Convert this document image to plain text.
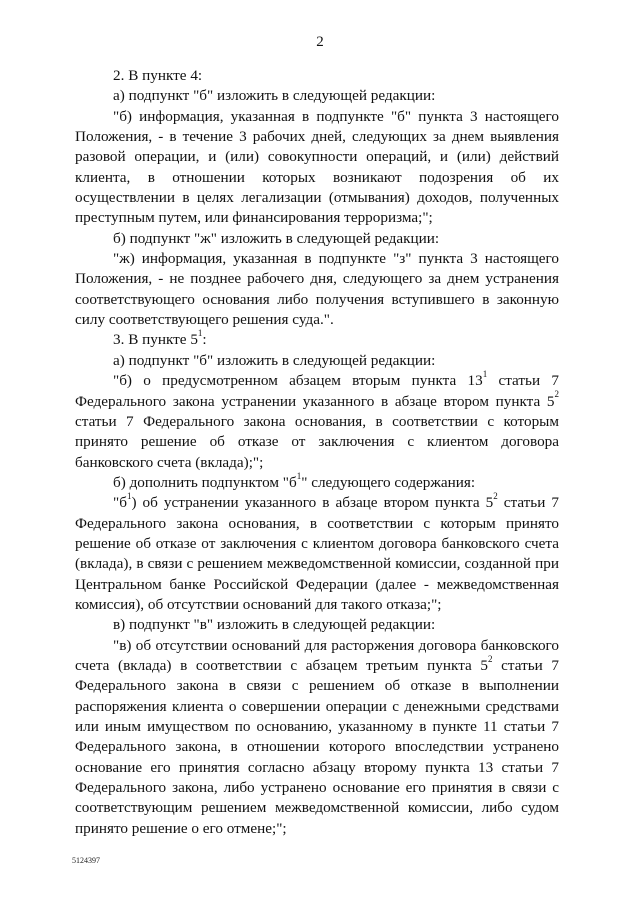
2

2. В пункте 4:

а) подпункт "б" изложить в следующей редакции:

"б) информация, указанная в подпункте "б" пункта 3 настоящего Положения, - в течение 3 рабочих дней, следующих за днем выявления разовой операции, и (или) совокупности операций, и (или) действий клиента, в отношении которых возникают подозрения об их осуществлении в целях легализации (отмывания) доходов, полученных преступным путем, или финансирования терроризма;";

б) подпункт "ж" изложить в следующей редакции:

"ж) информация, указанная в подпункте "з" пункта 3 настоящего Положения, - не позднее рабочего дня, следующего за днем устранения соответствующего основания либо получения вступившего в законную силу соответствующего решения суда.".

3. В пункте $5^1$:

а) подпункт "б" изложить в следующей редакции:

"б) о предусмотренном абзацем вторым пункта $13^1$ статьи 7 Федерального закона устранении указанного в абзаце втором пункта $5^2$ статьи 7 Федерального закона основания, в соответствии с которым принято решение об отказе от заключения с клиентом договора банковского счета (вклада);";

б) дополнить подпунктом "$б^1$" следующего содержания:

"$б^1$) об устранении указанного в абзаце втором пункта $5^2$ статьи 7 Федерального закона основания, в соответствии с которым принято решение об отказе от заключения с клиентом договора банковского счета (вклада), в связи с решением межведомственной комиссии, созданной при Центральном банке Российской Федерации (далее - межведомственная комиссия), об отсутствии оснований для такого отказа;";

в) подпункт "в" изложить в следующей редакции:

"в) об отсутствии оснований для расторжения договора банковского счета (вклада) в соответствии с абзацем третьим пункта $5^2$ статьи 7 Федерального закона в связи с решением об отказе в выполнении распоряжения клиента о совершении операции с денежными средствами или иным имуществом по основанию, указанному в пункте 11 статьи 7 Федерального закона, в отношении которого впоследствии устранено основание его принятия согласно абзацу второму пункта 13 статьи 7 Федерального закона, либо устранено основание его принятия в связи с соответствующим решением межведомственной комиссии, либо судом принято решение о его отмене;";

5124397
